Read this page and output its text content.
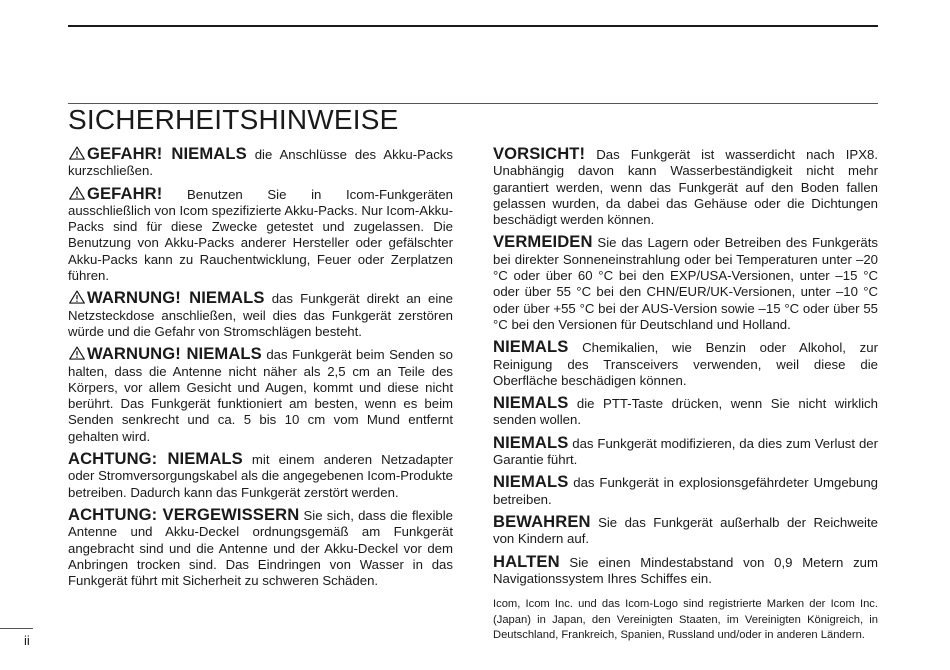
SICHERHEITSHINWEISE

GEFAHR! NIEMALS die Anschlüsse des Akku-Packs kurzschließen.

GEFAHR! Benutzen Sie in Icom-Funkgeräten ausschließlich von Icom spezifizierte Akku-Packs. Nur Icom-Akku-Packs sind für diese Zwecke getestet und zugelassen. Die Benutzung von Akku-Packs anderer Hersteller oder gefälschter Akku-Packs kann zu Rauchentwicklung, Feuer oder Zerplatzen führen.

WARNUNG! NIEMALS das Funkgerät direkt an eine Netzsteckdose anschließen, weil dies das Funkgerät zerstören würde und die Gefahr von Stromschlägen besteht.

WARNUNG! NIEMALS das Funkgerät beim Senden so halten, dass die Antenne nicht näher als 2,5 cm an Teile des Körpers, vor allem Gesicht und Augen, kommt und diese nicht berührt. Das Funkgerät funktioniert am besten, wenn es beim Senden senkrecht und ca. 5 bis 10 cm vom Mund entfernt gehalten wird.

ACHTUNG: NIEMALS mit einem anderen Netzadapter oder Stromversorgungskabel als die angegebenen Icom-Produkte betreiben. Dadurch kann das Funkgerät zerstört werden.

ACHTUNG: VERGEWISSERN Sie sich, dass die flexible Antenne und Akku-Deckel ordnungsgemäß am Funkgerät angebracht sind und die Antenne und der Akku-Deckel vor dem Anbringen trocken sind. Das Eindringen von Wasser in das Funkgerät führt mit Sicherheit zu schweren Schäden.

VORSICHT! Das Funkgerät ist wasserdicht nach IPX8. Unabhängig davon kann Wasserbeständigkeit nicht mehr garantiert werden, wenn das Funkgerät auf den Boden fallen gelassen wurden, da dabei das Gehäuse oder die Dichtungen beschädigt werden können.

VERMEIDEN Sie das Lagern oder Betreiben des Funkgeräts bei direkter Sonneneinstrahlung oder bei Temperaturen unter –20 °C oder über 60 °C bei den EXP/USA-Versionen, unter –15 °C oder über 55 °C bei den CHN/EUR/UK-Versionen, unter –10 °C oder über +55 °C bei der AUS-Version sowie –15 °C oder über 55 °C bei den Versionen für Deutschland und Holland.

NIEMALS Chemikalien, wie Benzin oder Alkohol, zur Reinigung des Transceivers verwenden, weil diese die Oberfläche beschädigen können.

NIEMALS die PTT-Taste drücken, wenn Sie nicht wirklich senden wollen.

NIEMALS das Funkgerät modifizieren, da dies zum Verlust der Garantie führt.

NIEMALS das Funkgerät in explosionsgefährdeter Umgebung betreiben.

BEWAHREN Sie das Funkgerät außerhalb der Reichweite von Kindern auf.

HALTEN Sie einen Mindestabstand von 0,9 Metern zum Navigationssystem Ihres Schiffes ein.

Icom, Icom Inc. und das Icom-Logo sind registrierte Marken der Icom Inc. (Japan) in Japan, den Vereinigten Staaten, im Vereinigten Königreich, in Deutschland, Frankreich, Spanien, Russland und/oder in anderen Ländern.

ii
